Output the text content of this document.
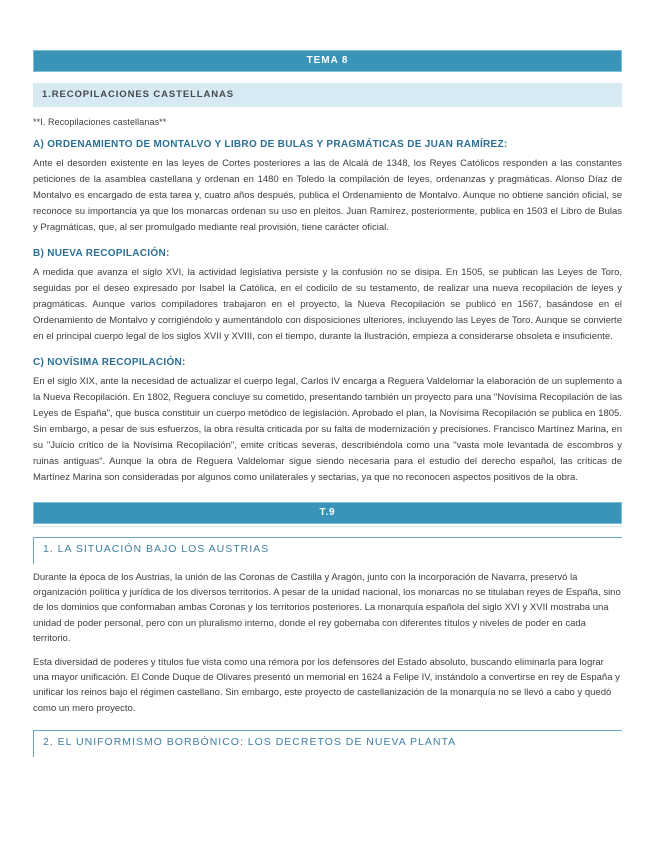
TEMA 8
1.RECOPILACIONES CASTELLANAS
**I. Recopilaciones castellanas**
A) ORDENAMIENTO DE MONTALVO Y LIBRO DE BULAS Y PRAGMÁTICAS DE JUAN RAMÍREZ:
Ante el desorden existente en las leyes de Cortes posteriores a las de Alcalá de 1348, los Reyes Católicos responden a las constantes peticiones de la asamblea castellana y ordenan en 1480 en Toledo la compilación de leyes, ordenanzas y pragmáticas. Alonso Díaz de Montalvo es encargado de esta tarea y, cuatro años después, publica el Ordenamiento de Montalvo. Aunque no obtiene sanción oficial, se reconoce su importancia ya que los monarcas ordenan su uso en pleitos. Juan Ramírez, posteriormente, publica en 1503 el Libro de Bulas y Pragmáticas, que, al ser promulgado mediante real provisión, tiene carácter oficial.
B) NUEVA RECOPILACIÓN:
A medida que avanza el siglo XVI, la actividad legislativa persiste y la confusión no se disipa. En 1505, se publican las Leyes de Toro, seguidas por el deseo expresado por Isabel la Católica, en el codicilo de su testamento, de realizar una nueva recopilación de leyes y pragmáticas. Aunque varios compiladores trabajaron en el proyecto, la Nueva Recopilación se publicó en 1567, basándose en el Ordenamiento de Montalvo y corrigiéndolo y aumentándolo con disposiciones ulteriores, incluyendo las Leyes de Toro. Aunque se convierte en el principal cuerpo legal de los siglos XVII y XVIII, con el tiempo, durante la Ilustración, empieza a considerarse obsoleta e insuficiente.
C) NOVÍSIMA RECOPILACIÓN:
En el siglo XIX, ante la necesidad de actualizar el cuerpo legal, Carlos IV encarga a Reguera Valdelomar la elaboración de un suplemento a la Nueva Recopilación. En 1802, Reguera concluye su cometido, presentando también un proyecto para una "Novísima Recopilación de las Leyes de España", que busca constituir un cuerpo metódico de legislación. Aprobado el plan, la Novísima Recopilación se publica en 1805. Sin embargo, a pesar de sus esfuerzos, la obra resulta criticada por su falta de modernización y precisiones. Francisco Martínez Marina, en su "Juicio crítico de la Novísima Recopilación", emite críticas severas, describiéndola como una "vasta mole levantada de escombros y ruinas antiguas". Aunque la obra de Reguera Valdelomar sigue siendo necesaria para el estudio del derecho español, las críticas de Martínez Marina son consideradas por algunos como unilaterales y sectarias, ya que no reconocen aspectos positivos de la obra.
T.9
1. LA SITUACIÓN BAJO LOS AUSTRIAS
Durante la época de los Austrias, la unión de las Coronas de Castilla y Aragón, junto con la incorporación de Navarra, preservó la organización política y jurídica de los diversos territorios. A pesar de la unidad nacional, los monarcas no se titulaban reyes de España, sino de los dominios que conformaban ambas Coronas y los territorios posteriores. La monarquía española del siglo XVI y XVII mostraba una unidad de poder personal, pero con un pluralismo interno, donde el rey gobernaba con diferentes títulos y niveles de poder en cada territorio.
Esta diversidad de poderes y títulos fue vista como una rémora por los defensores del Estado absoluto, buscando eliminarla para lograr una mayor unificación. El Conde Duque de Olivares presentó un memorial en 1624 a Felipe IV, instándolo a convertirse en rey de España y unificar los reinos bajo el régimen castellano. Sin embargo, este proyecto de castellanización de la monarquía no se llevó a cabo y quedó como un mero proyecto.
2. EL UNIFORMISMO BORBÓNICO: LOS DECRETOS DE NUEVA PLANTA
